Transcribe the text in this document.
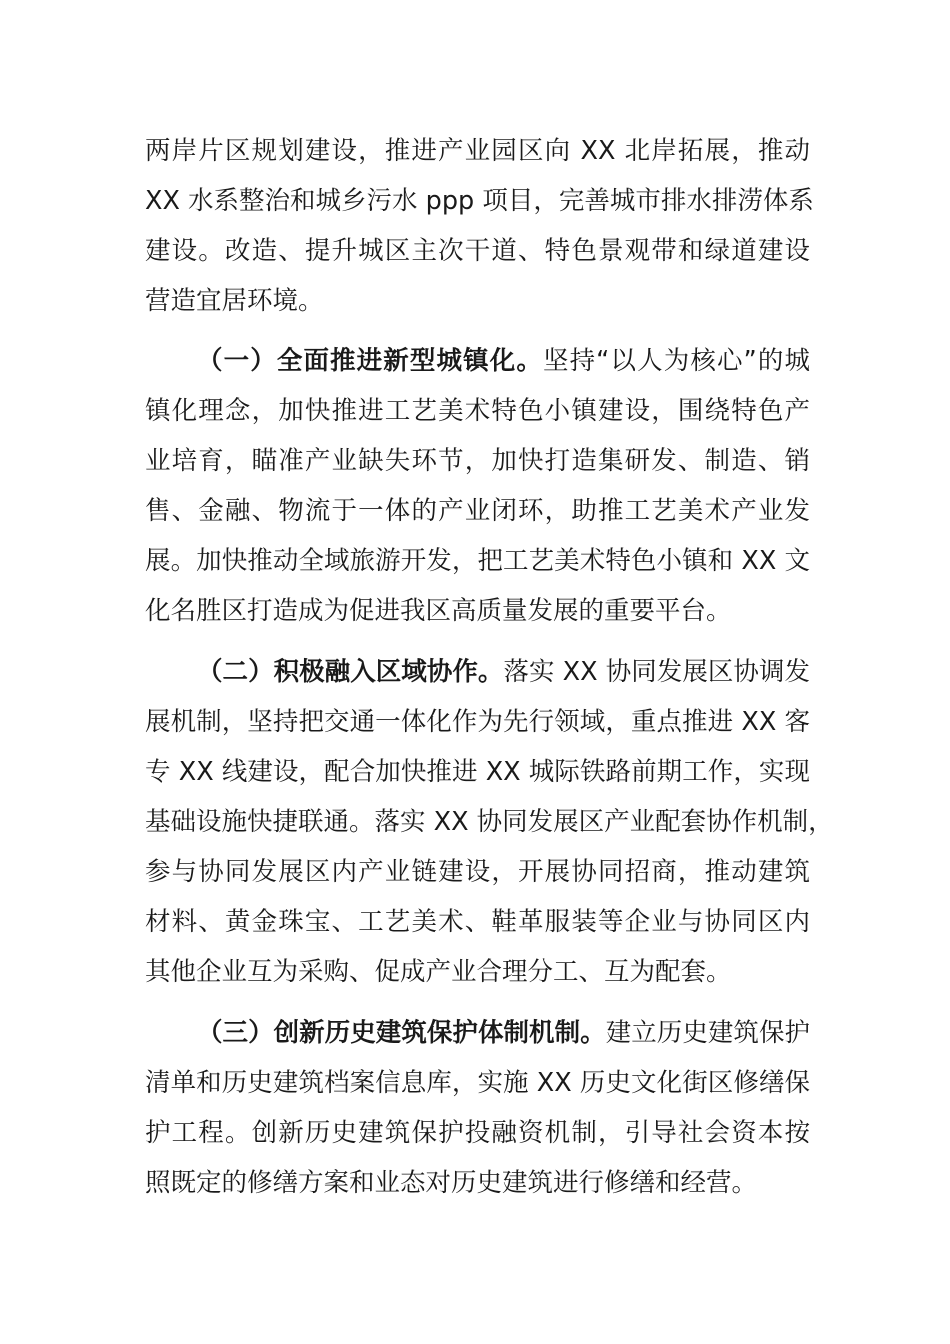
两岸片区规划建设，推进产业园区向 XX 北岸拓展，推动
XX 水系整治和城乡污水 ppp 项目，完善城市排水排涝体系
建设。改造、提升城区主次干道、特色景观带和绿道建设
营造宜居环境。
（一）全面推进新型城镇化。坚持“以人为核心”的城
镇化理念，加快推进工艺美术特色小镇建设，围绕特色产
业培育，瞄准产业缺失环节，加快打造集研发、制造、销
售、金融、物流于一体的产业闭环，助推工艺美术产业发
展。加快推动全域旅游开发，把工艺美术特色小镇和 XX 文
化名胜区打造成为促进我区高质量发展的重要平台。
（二）积极融入区域协作。落实 XX 协同发展区协调发
展机制，坚持把交通一体化作为先行领域，重点推进 XX 客
专 XX 线建设，配合加快推进 XX 城际铁路前期工作，实现
基础设施快捷联通。落实 XX 协同发展区产业配套协作机制，
参与协同发展区内产业链建设，开展协同招商，推动建筑
材料、黄金珠宝、工艺美术、鞋革服装等企业与协同区内
其他企业互为采购、促成产业合理分工、互为配套。
（三）创新历史建筑保护体制机制。建立历史建筑保护
清单和历史建筑档案信息库，实施 XX 历史文化街区修缮保
护工程。创新历史建筑保护投融资机制，引导社会资本按
照既定的修缮方案和业态对历史建筑进行修缮和经营。
